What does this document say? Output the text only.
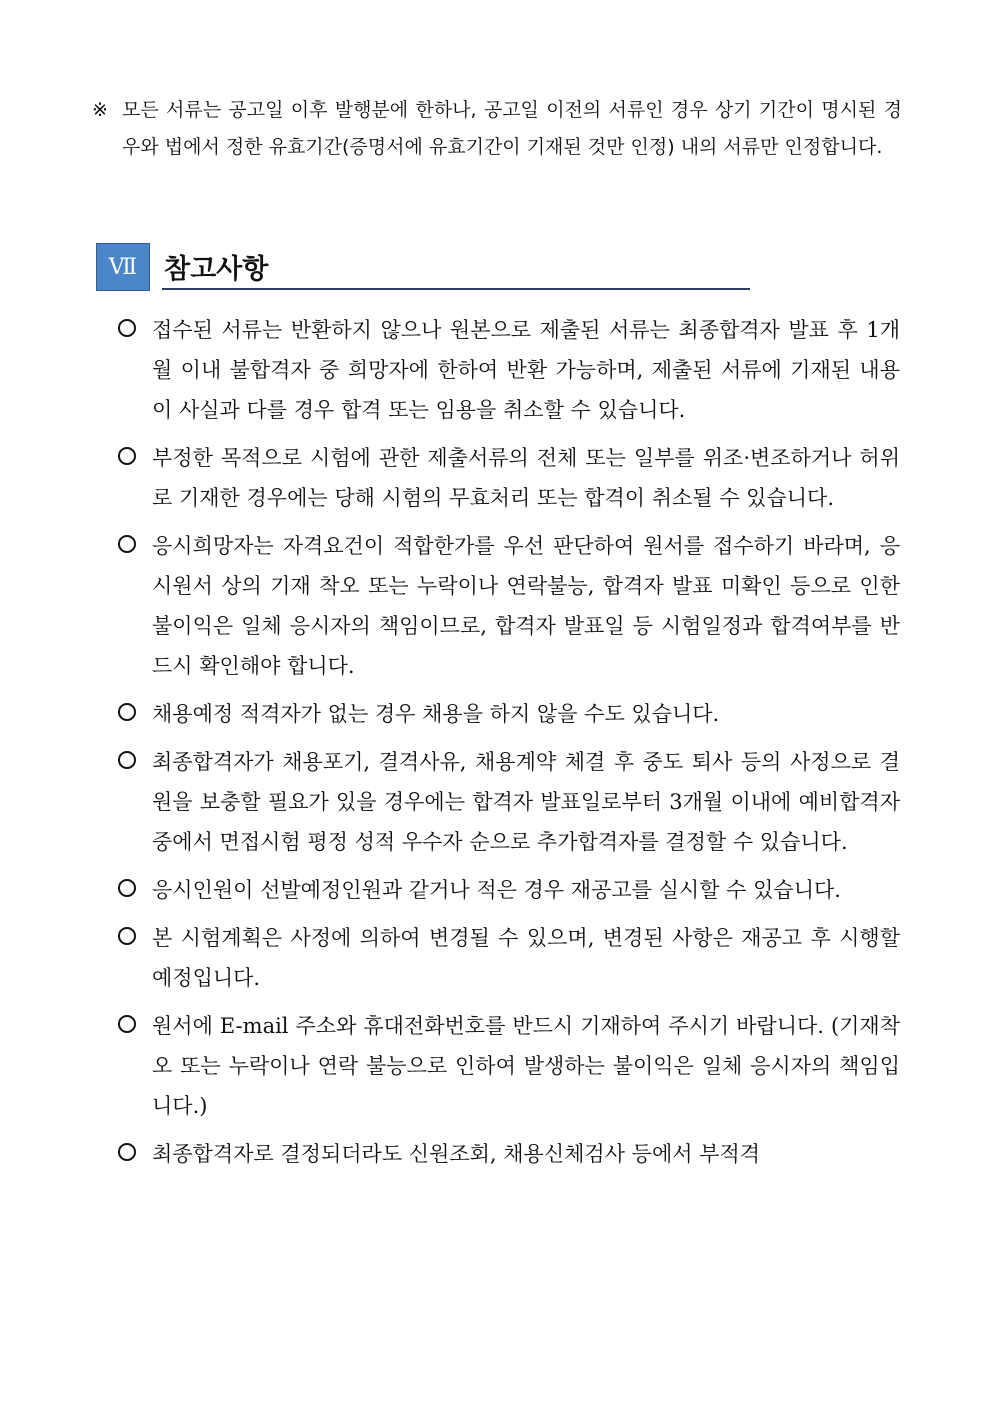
※ 모든 서류는 공고일 이후 발행분에 한하나, 공고일 이전의 서류인 경우 상기 기간이 명시된 경우와 법에서 정한 유효기간(증명서에 유효기간이 기재된 것만 인정) 내의 서류만 인정합니다.
Ⅶ 참고사항
접수된 서류는 반환하지 않으나 원본으로 제출된 서류는 최종합격자 발표 후 1개월 이내 불합격자 중 희망자에 한하여 반환 가능하며, 제출된 서류에 기재된 내용이 사실과 다를 경우 합격 또는 임용을 취소할 수 있습니다.
부정한 목적으로 시험에 관한 제출서류의 전체 또는 일부를 위조·변조하거나 허위로 기재한 경우에는 당해 시험의 무효처리 또는 합격이 취소될 수 있습니다.
응시희망자는 자격요건이 적합한가를 우선 판단하여 원서를 접수하기 바라며, 응시원서 상의 기재 착오 또는 누락이나 연락불능, 합격자 발표 미확인 등으로 인한 불이익은 일체 응시자의 책임이므로, 합격자 발표일 등 시험일정과 합격여부를 반드시 확인해야 합니다.
채용예정 적격자가 없는 경우 채용을 하지 않을 수도 있습니다.
최종합격자가 채용포기, 결격사유, 채용계약 체결 후 중도 퇴사 등의 사정으로 결원을 보충할 필요가 있을 경우에는 합격자 발표일로부터 3개월 이내에 예비합격자 중에서 면접시험 평정 성적 우수자 순으로 추가합격자를 결정할 수 있습니다.
응시인원이 선발예정인원과 같거나 적은 경우 재공고를 실시할 수 있습니다.
본 시험계획은 사정에 의하여 변경될 수 있으며, 변경된 사항은 재공고 후 시행할 예정입니다.
원서에 E-mail 주소와 휴대전화번호를 반드시 기재하여 주시기 바랍니다. (기재착오 또는 누락이나 연락 불능으로 인하여 발생하는 불이익은 일체 응시자의 책임입니다.)
최종합격자로 결정되더라도 신원조회, 채용신체검사 등에서 부적격
